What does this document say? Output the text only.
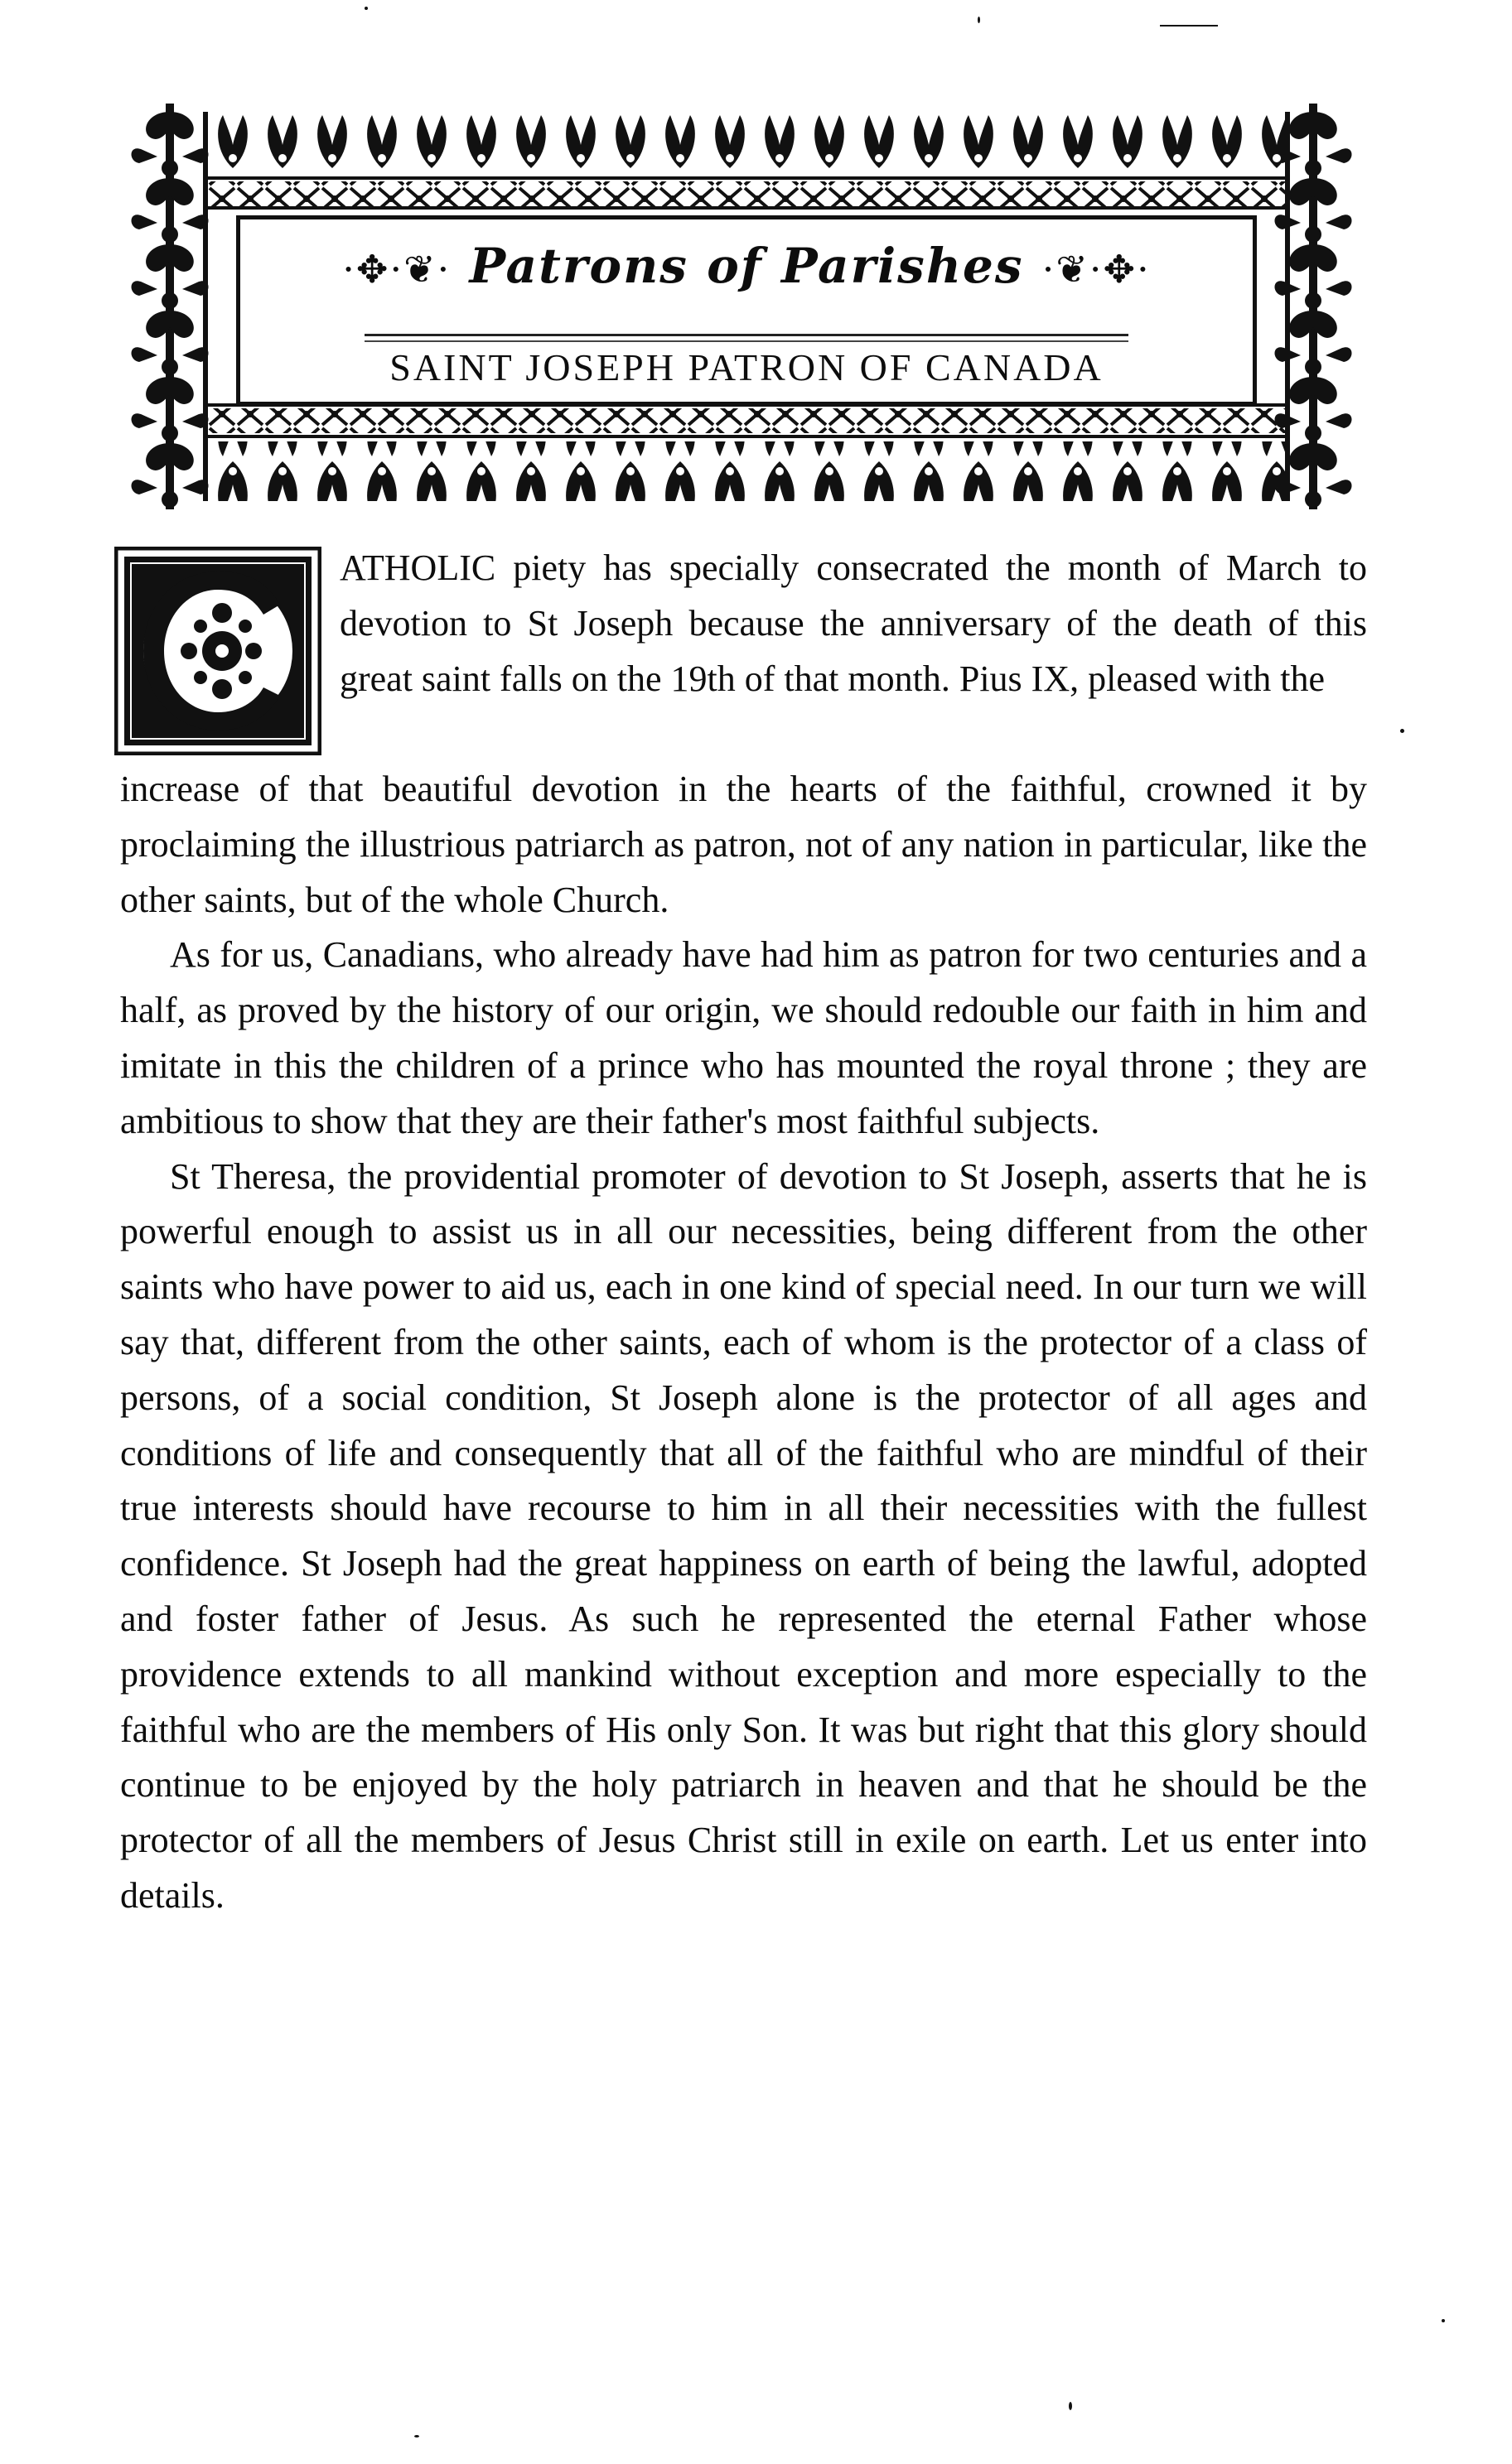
·✥·❦· Patrons of Parishes ·❦·✥·
SAINT JOSEPH PATRON OF CANADA

ATHOLIC piety has specially consecrated the month of March to devotion to St Joseph because the anniversary of the death of this great saint falls on the 19th of that month. Pius IX, pleased with the

increase of that beautiful devotion in the hearts of the faithful, crowned it by proclaiming the illustrious patriarch as patron, not of any nation in particular, like the other saints, but of the whole Church.

As for us, Canadians, who already have had him as patron for two centuries and a half, as proved by the history of our origin, we should redouble our faith in him and imitate in this the children of a prince who has mounted the royal throne ; they are ambitious to show that they are their father's most faithful subjects.

St Theresa, the providential promoter of devotion to St Joseph, asserts that he is powerful enough to assist us in all our necessities, being different from the other saints who have power to aid us, each in one kind of special need. In our turn we will say that, different from the other saints, each of whom is the protector of a class of persons, of a social condition, St Joseph alone is the protector of all ages and conditions of life and consequently that all of the faithful who are mindful of their true interests should have recourse to him in all their necessities with the fullest confidence. St Joseph had the great happiness on earth of being the lawful, adopted and foster father of Jesus. As such he represented the eternal Father whose providence extends to all mankind without exception and more especially to the faithful who are the members of His only Son. It was but right that this glory should continue to be enjoyed by the holy patriarch in heaven and that he should be the protector of all the members of Jesus Christ still in exile on earth. Let us enter into details.
